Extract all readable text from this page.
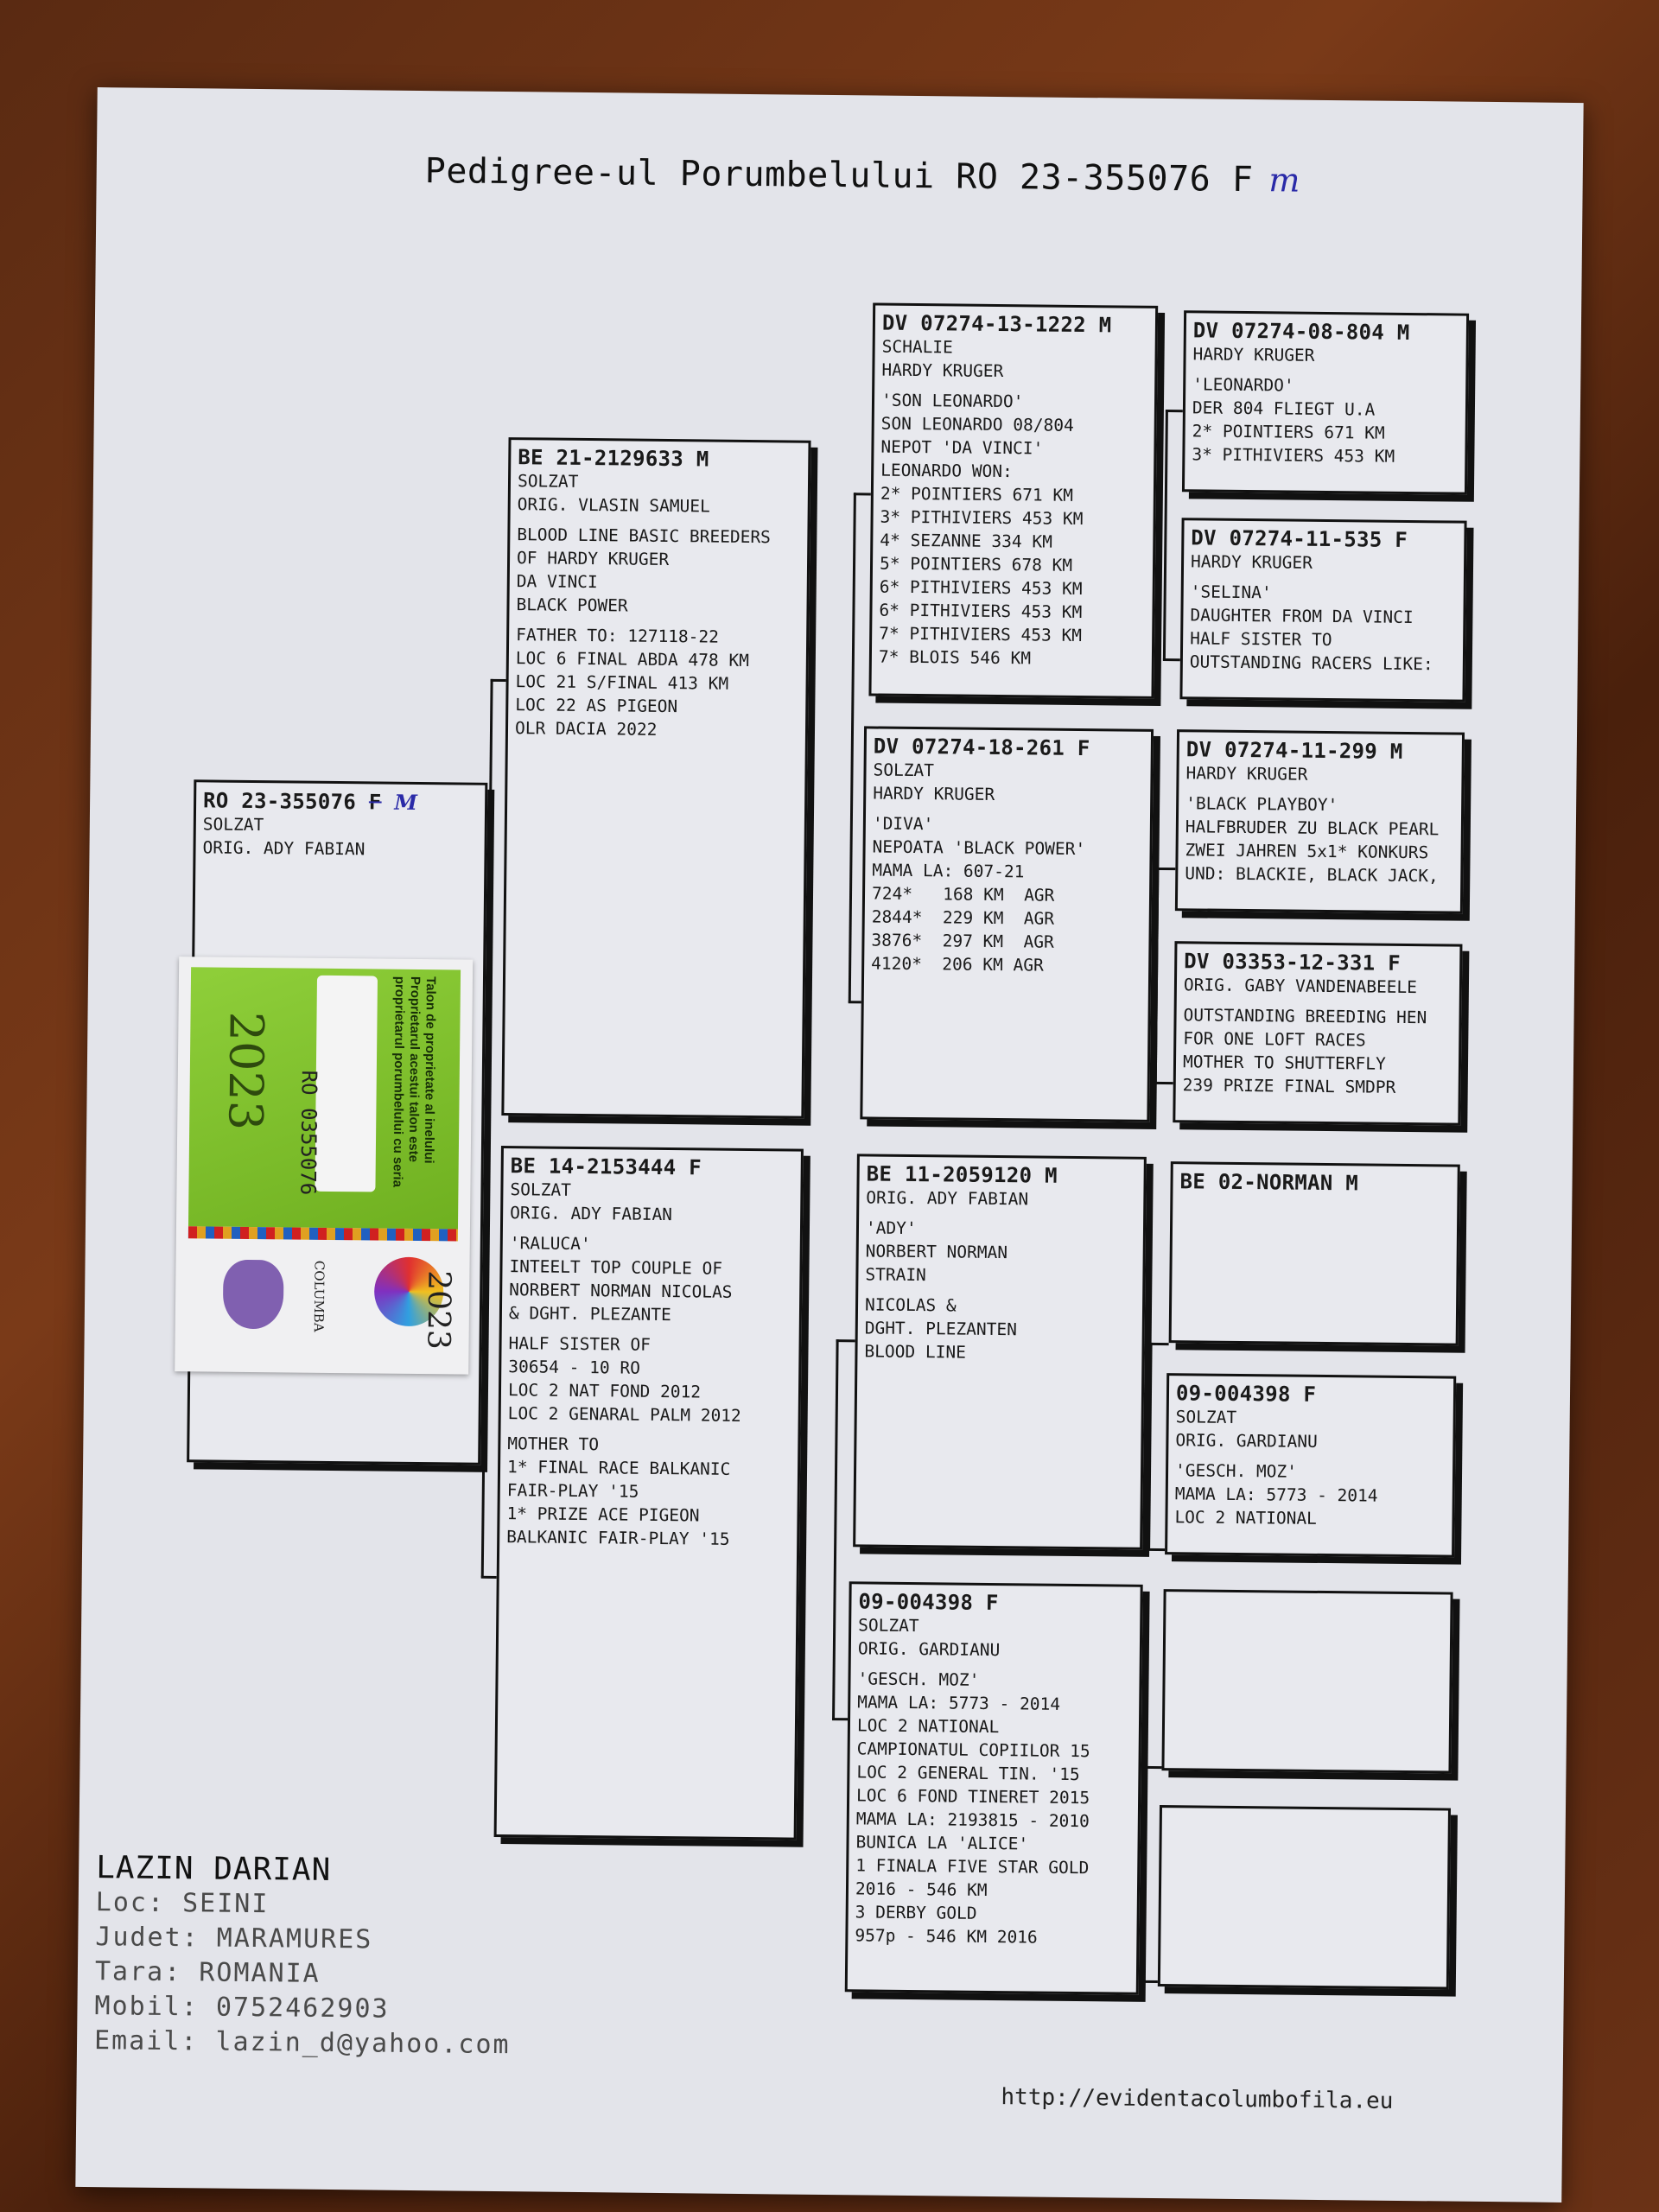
Pedigree-ul Porumbelului RO 23-355076 F m
RO 23-355076 F M
SOLZAT
ORIG. ADY FABIAN
2023 RO 0355076	Talon de proprietate al inelului
Proprietarul acestui talon este
proprietarul porumbelului cu seria
COLUMBA	2023
BE 21-2129633 M
SOLZAT
ORIG. VLASIN SAMUEL
BLOOD LINE BASIC BREEDERS
OF HARDY KRUGER
DA VINCI
BLACK POWER
FATHER TO: 127118-22
LOC 6 FINAL ABDA 478 KM
LOC 21 S/FINAL 413 KM
LOC 22 AS PIGEON
OLR DACIA 2022
BE 14-2153444 F
SOLZAT
ORIG. ADY FABIAN
'RALUCA'
INTEELT TOP COUPLE OF
NORBERT NORMAN NICOLAS
& DGHT. PLEZANTE
HALF SISTER OF
30654 - 10 RO
LOC 2 NAT FOND 2012
LOC 2 GENARAL PALM 2012
MOTHER TO
1* FINAL RACE BALKANIC
FAIR-PLAY '15
1* PRIZE ACE PIGEON
BALKANIC FAIR-PLAY '15
DV 07274-13-1222 M
SCHALIE
HARDY KRUGER
'SON LEONARDO'
SON LEONARDO 08/804
NEPOT 'DA VINCI'
LEONARDO WON:
2* POINTIERS 671 KM
3* PITHIVIERS 453 KM
4* SEZANNE 334 KM
5* POINTIERS 678 KM
6* PITHIVIERS 453 KM
6* PITHIVIERS 453 KM
7* PITHIVIERS 453 KM
7* BLOIS 546 KM
DV 07274-18-261 F
SOLZAT
HARDY KRUGER
'DIVA'
NEPOATA 'BLACK POWER'
MAMA LA: 607-21
724*   168 KM  AGR
2844*  229 KM  AGR
3876*  297 KM  AGR
4120*  206 KM AGR
BE 11-2059120 M
ORIG. ADY FABIAN
'ADY'
NORBERT NORMAN
STRAIN
NICOLAS &
DGHT. PLEZANTEN
BLOOD LINE
09-004398 F
SOLZAT
ORIG. GARDIANU
'GESCH. MOZ'
MAMA LA: 5773 - 2014
LOC 2 NATIONAL
CAMPIONATUL COPIILOR 15
LOC 2 GENERAL TIN. '15
LOC 6 FOND TINERET 2015
MAMA LA: 2193815 - 2010
BUNICA LA 'ALICE'
1 FINALA FIVE STAR GOLD
2016 - 546 KM
3 DERBY GOLD
957p - 546 KM 2016
DV 07274-08-804 M
HARDY KRUGER
'LEONARDO'
DER 804 FLIEGT U.A
2* POINTIERS 671 KM
3* PITHIVIERS 453 KM
DV 07274-11-535 F
HARDY KRUGER
'SELINA'
DAUGHTER FROM DA VINCI
HALF SISTER TO
OUTSTANDING RACERS LIKE:
DV 07274-11-299 M
HARDY KRUGER
'BLACK PLAYBOY'
HALFBRUDER ZU BLACK PEARL
ZWEI JAHREN 5x1* KONKURS
UND: BLACKIE, BLACK JACK,
DV 03353-12-331 F
ORIG. GABY VANDENABEELE
OUTSTANDING BREEDING HEN
FOR ONE LOFT RACES
MOTHER TO SHUTTERFLY
239 PRIZE FINAL SMDPR
BE 02-NORMAN M
09-004398 F
SOLZAT
ORIG. GARDIANU
'GESCH. MOZ'
MAMA LA: 5773 - 2014
LOC 2 NATIONAL
LAZIN DARIAN
Loc: SEINI
Judet: MARAMURES
Tara: ROMANIA
Mobil: 0752462903
Email: lazin_d@yahoo.com
http://evidentacolumbofila.eu
